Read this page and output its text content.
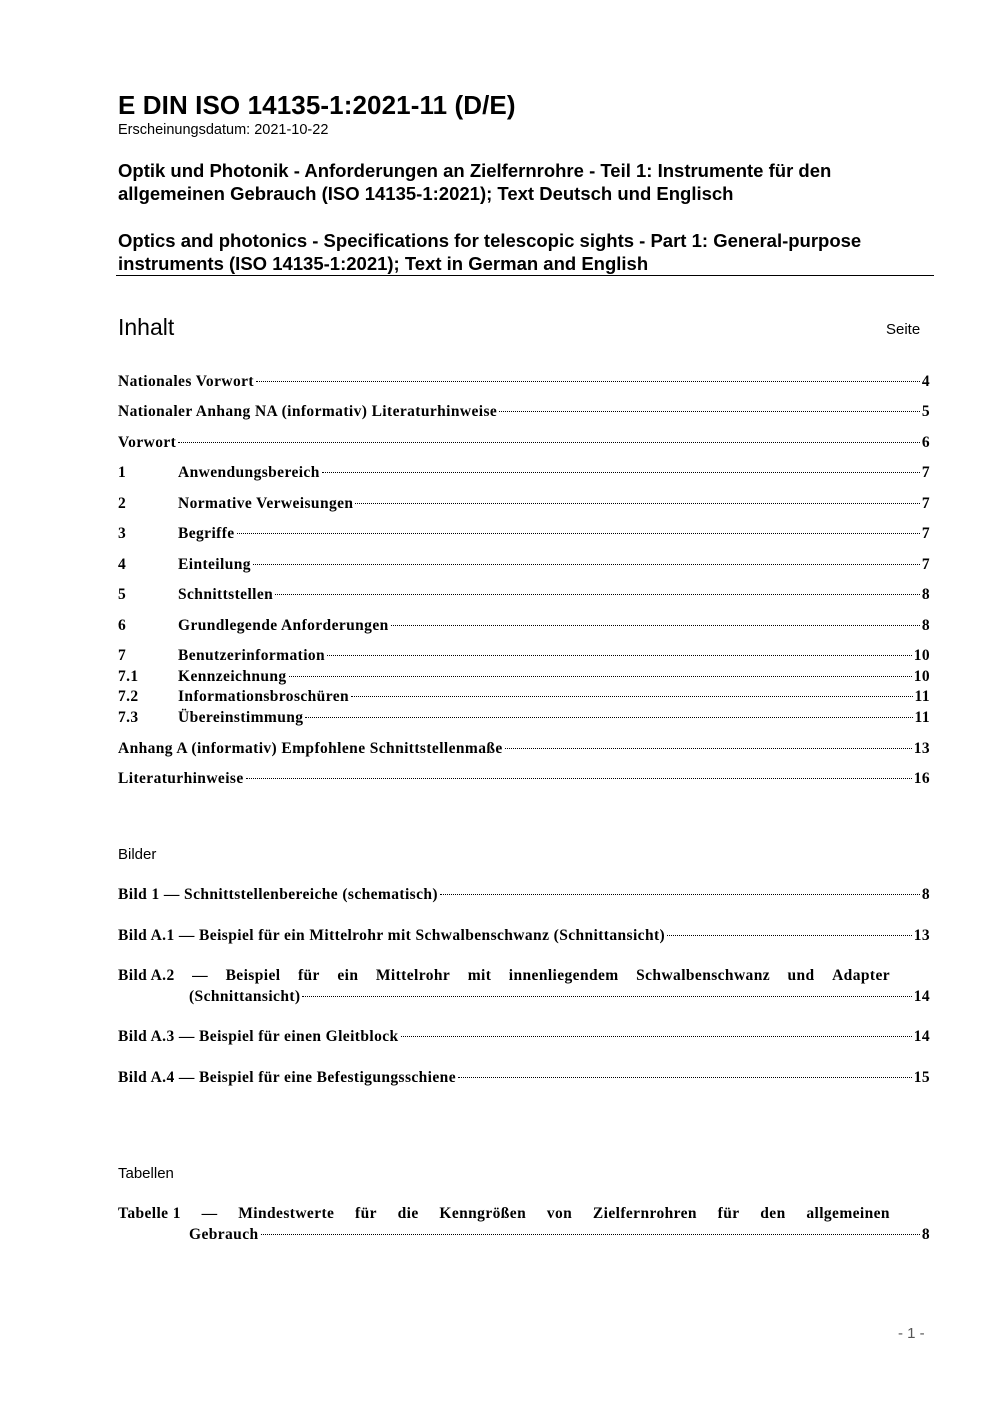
E DIN ISO 14135-1:2021-11 (D/E)
Erscheinungsdatum: 2021-10-22
Optik und Photonik - Anforderungen an Zielfernrohre - Teil 1: Instrumente für den allgemeinen Gebrauch (ISO 14135-1:2021); Text Deutsch und Englisch
Optics and photonics - Specifications for telescopic sights - Part 1: General-purpose instruments (ISO 14135-1:2021); Text in German and English
Inhalt	Seite
Nationales Vorwort	4
Nationaler Anhang NA (informativ) Literaturhinweise	5
Vorwort	6
1	Anwendungsbereich	7
2	Normative Verweisungen	7
3	Begriffe	7
4	Einteilung	7
5	Schnittstellen	8
6	Grundlegende Anforderungen	8
7	Benutzerinformation	10
7.1	Kennzeichnung	10
7.2	Informationsbroschüren	11
7.3	Übereinstimmung	11
Anhang A (informativ) Empfohlene Schnittstellenmaße	13
Literaturhinweise	16
Bilder
Bild 1 — Schnittstellenbereiche (schematisch)	8
Bild A.1 — Beispiel für ein Mittelrohr mit Schwalbenschwanz (Schnittansicht)	13
Bild A.2 — Beispiel für ein Mittelrohr mit innenliegendem Schwalbenschwanz und Adapter
(Schnittansicht)	14
Bild A.3 — Beispiel für einen Gleitblock	14
Bild A.4 — Beispiel für eine Befestigungsschiene	15
Tabellen
Tabelle 1 — Mindestwerte für die Kenngrößen von Zielfernrohren für den allgemeinen
Gebrauch	8
- 1 -
